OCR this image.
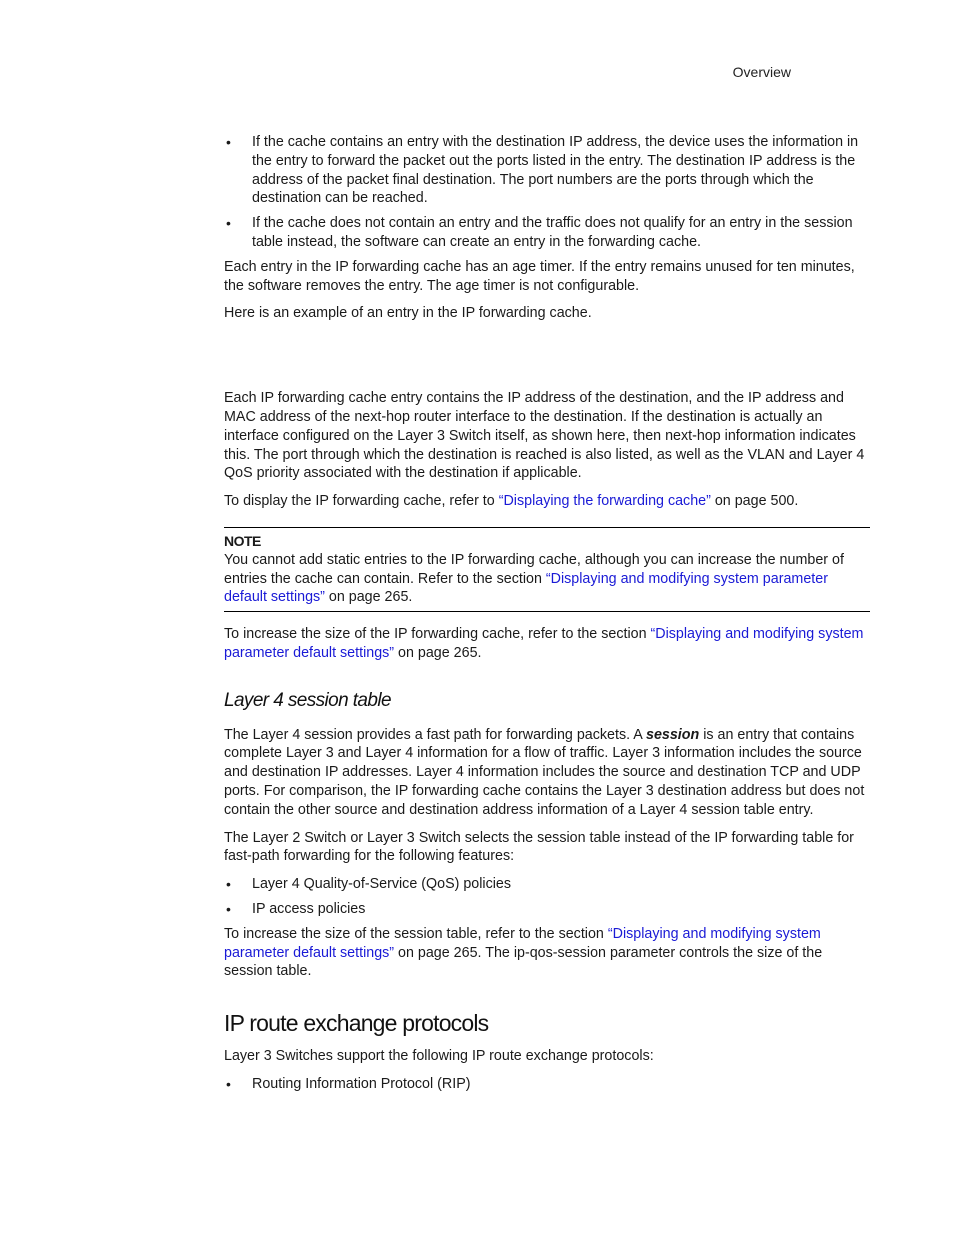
Overview
• If the cache contains an entry with the destination IP address, the device uses the information in the entry to forward the packet out the ports listed in the entry. The destination IP address is the address of the packet final destination. The port numbers are the ports through which the destination can be reached.
• If the cache does not contain an entry and the traffic does not qualify for an entry in the session table instead, the software can create an entry in the forwarding cache.

Each entry in the IP forwarding cache has an age timer. If the entry remains unused for ten minutes, the software removes the entry. The age timer is not configurable.

Here is an example of an entry in the IP forwarding cache.

Each IP forwarding cache entry contains the IP address of the destination, and the IP address and MAC address of the next-hop router interface to the destination. If the destination is actually an interface configured on the Layer 3 Switch itself, as shown here, then next-hop information indicates this. The port through which the destination is reached is also listed, as well as the VLAN and Layer 4 QoS priority associated with the destination if applicable.

To display the IP forwarding cache, refer to “Displaying the forwarding cache” on page 500.

NOTE

You cannot add static entries to the IP forwarding cache, although you can increase the number of entries the cache can contain. Refer to the section “Displaying and modifying system parameter default settings” on page 265.

To increase the size of the IP forwarding cache, refer to the section “Displaying and modifying system parameter default settings” on page 265.

Layer 4 session table

The Layer 4 session provides a fast path for forwarding packets. A session is an entry that contains complete Layer 3 and Layer 4 information for a flow of traffic. Layer 3 information includes the source and destination IP addresses. Layer 4 information includes the source and destination TCP and UDP ports. For comparison, the IP forwarding cache contains the Layer 3 destination address but does not contain the other source and destination address information of a Layer 4 session table entry.

The Layer 2 Switch or Layer 3 Switch selects the session table instead of the IP forwarding table for fast-path forwarding for the following features:

• Layer 4 Quality-of-Service (QoS) policies
• IP access policies

To increase the size of the session table, refer to the section “Displaying and modifying system parameter default settings” on page 265. The ip-qos-session parameter controls the size of the session table.

IP route exchange protocols

Layer 3 Switches support the following IP route exchange protocols:

• Routing Information Protocol (RIP)
